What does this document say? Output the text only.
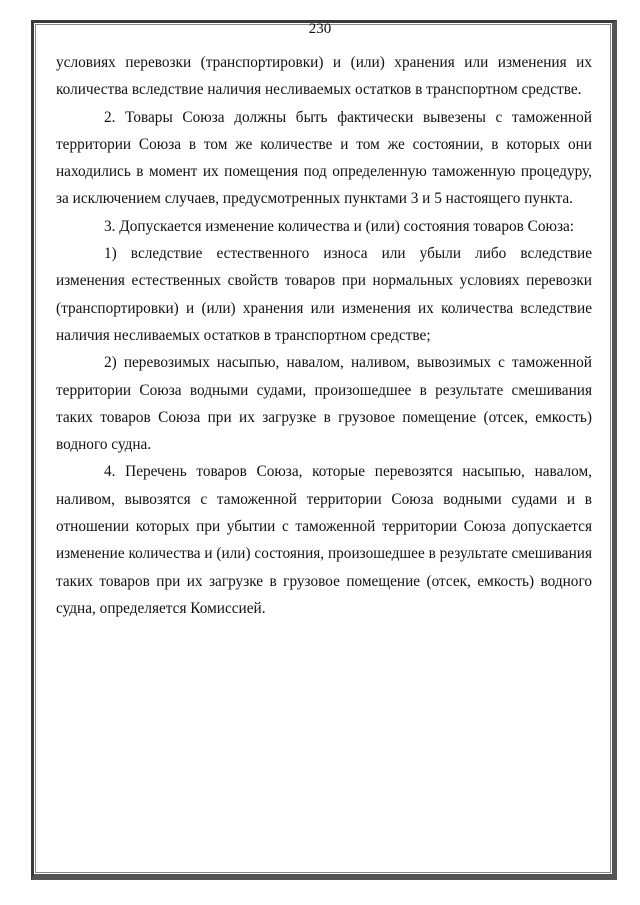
230

условиях перевозки (транспортировки) и (или) хранения или изменения их количества вследствие наличия несливаемых остатков в транспортном средстве.

2. Товары Союза должны быть фактически вывезены с таможенной территории Союза в том же количестве и том же состоянии, в которых они находились в момент их помещения под определенную таможенную процедуру, за исключением случаев, предусмотренных пунктами 3 и 5 настоящего пункта.

3. Допускается изменение количества и (или) состояния товаров Союза:

1) вследствие естественного износа или убыли либо вследствие изменения естественных свойств товаров при нормальных условиях перевозки (транспортировки) и (или) хранения или изменения их количества вследствие наличия несливаемых остатков в транспортном средстве;

2) перевозимых насыпью, навалом, наливом, вывозимых с таможенной территории Союза водными судами, произошедшее в результате смешивания таких товаров Союза при их загрузке в грузовое помещение (отсек, емкость) водного судна.

4. Перечень товаров Союза, которые перевозятся насыпью, навалом, наливом, вывозятся с таможенной территории Союза водными судами и в отношении которых при убытии с таможенной территории Союза допускается изменение количества и (или) состояния, произошедшее в результате смешивания таких товаров при их загрузке в грузовое помещение (отсек, емкость) водного судна, определяется Комиссией.
